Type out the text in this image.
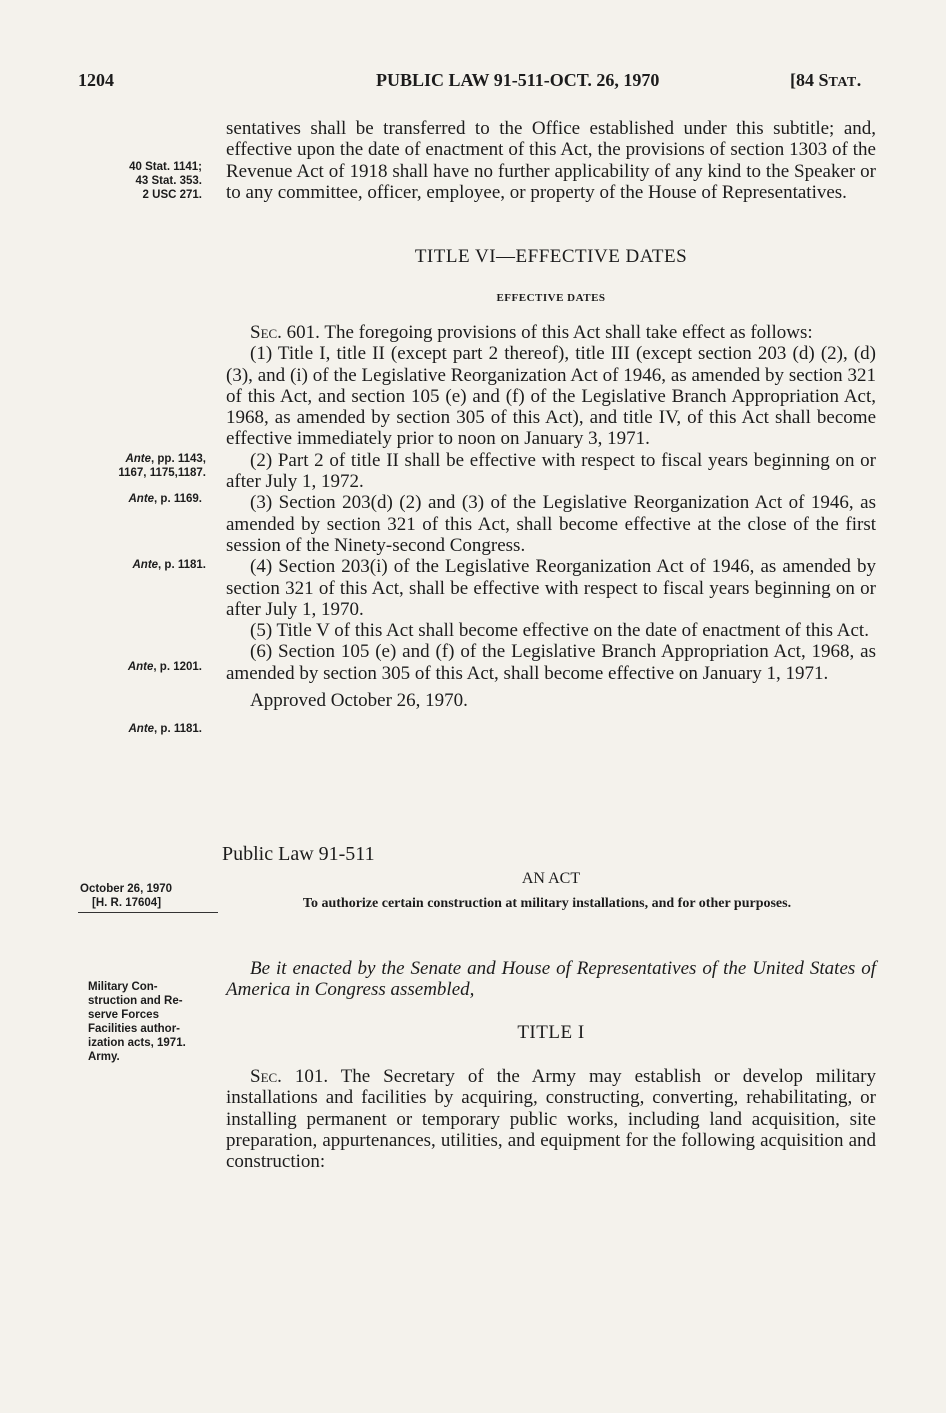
1204	PUBLIC LAW 91-511-OCT. 26, 1970	[84 STAT.
40 Stat. 1141;
43 Stat. 353.
2 USC 271.
Ante, pp. 1143,
1167, 1175,1187.
Ante, p. 1169.
Ante, p. 1181.
Ante, p. 1201.
Ante, p. 1181.
October 26, 1970
[H. R. 17604]
Military Con-
struction and Re-
serve Forces
Facilities author-
ization acts, 1971.
Army.

sentatives shall be transferred to the Office established under this subtitle; and, effective upon the date of enactment of this Act, the provisions of section 1303 of the Revenue Act of 1918 shall have no further applicability of any kind to the Speaker or to any committee, officer, employee, or property of the House of Representatives.

TITLE VI—EFFECTIVE DATES
EFFECTIVE DATES

Sec. 601. The foregoing provisions of this Act shall take effect as follows:

(1) Title I, title II (except part 2 thereof), title III (except section 203 (d) (2), (d) (3), and (i) of the Legislative Reorganization Act of 1946, as amended by section 321 of this Act, and section 105 (e) and (f) of the Legislative Branch Appropriation Act, 1968, as amended by section 305 of this Act), and title IV, of this Act shall become effective immediately prior to noon on January 3, 1971.

(2) Part 2 of title II shall be effective with respect to fiscal years beginning on or after July 1, 1972.

(3) Section 203(d) (2) and (3) of the Legislative Reorganization Act of 1946, as amended by section 321 of this Act, shall become effective at the close of the first session of the Ninety-second Congress.

(4) Section 203(i) of the Legislative Reorganization Act of 1946, as amended by section 321 of this Act, shall be effective with respect to fiscal years beginning on or after July 1, 1970.

(5) Title V of this Act shall become effective on the date of enactment of this Act.

(6) Section 105 (e) and (f) of the Legislative Branch Appropriation Act, 1968, as amended by section 305 of this Act, shall become effective on January 1, 1971.

Approved October 26, 1970.

Public Law 91-511
AN ACT
To authorize certain construction at military installations, and for other purposes.

Be it enacted by the Senate and House of Representatives of the United States of America in Congress assembled,

TITLE I

Sec. 101. The Secretary of the Army may establish or develop military installations and facilities by acquiring, constructing, converting, rehabilitating, or installing permanent or temporary public works, including land acquisition, site preparation, appurtenances, utilities, and equipment for the following acquisition and construction:
